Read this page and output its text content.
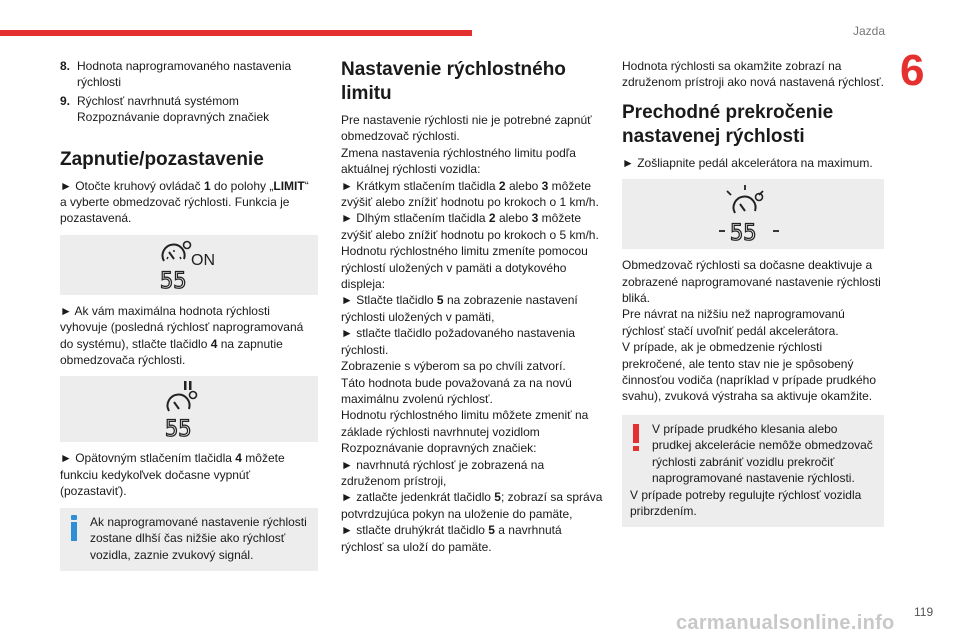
Jazda
6
8. Hodnota naprogramovaného nastavenia rýchlosti
9. Rýchlosť navrhnutá systémom Rozpoznávanie dopravných značiek
Zapnutie/pozastavenie

► Otočte kruhový ovládač 1 do polohy „LIMIT“ a vyberte obmedzovač rýchlosti. Funkcia je pozastavená.

ON
55

► Ak vám maximálna hodnota rýchlosti vyhovuje (posledná rýchlosť naprogramovaná do systému), stlačte tlačidlo 4 na zapnutie obmedzovača rýchlosti.

55

► Opätovným stlačením tlačidla 4 môžete funkciu kedykoľvek dočasne vypnúť (pozastaviť).

Ak naprogramované nastavenie rýchlosti zostane dlhší čas nižšie ako rýchlosť vozidla, zaznie zvukový signál.

Nastavenie rýchlostného limitu

Pre nastavenie rýchlosti nie je potrebné zapnúť obmedzovač rýchlosti.

Zmena nastavenia rýchlostného limitu podľa aktuálnej rýchlosti vozidla:

► Krátkym stlačením tlačidla 2 alebo 3 môžete zvýšiť alebo znížiť hodnotu po krokoch o 1 km/h.

► Dlhým stlačením tlačidla 2 alebo 3 môžete zvýšiť alebo znížiť hodnotu po krokoch o 5 km/h.

Hodnotu rýchlostného limitu zmeníte pomocou rýchlostí uložených v pamäti a dotykového displeja:

► Stlačte tlačidlo 5 na zobrazenie nastavení rýchlosti uložených v pamäti,

► stlačte tlačidlo požadovaného nastavenia rýchlosti.

Zobrazenie s výberom sa po chvíli zatvorí.

Táto hodnota bude považovaná za na novú maximálnu zvolenú rýchlosť.

Hodnotu rýchlostného limitu môžete zmeniť na základe rýchlosti navrhnutej vozidlom Rozpoznávanie dopravných značiek:

► navrhnutá rýchlosť je zobrazená na združenom prístroji,

► zatlačte jedenkrát tlačidlo 5; zobrazí sa správa potvrdzujúca pokyn na uloženie do pamäte,

► stlačte druhýkrát tlačidlo 5 a navrhnutá rýchlosť sa uloží do pamäte.

Hodnota rýchlosti sa okamžite zobrazí na združenom prístroji ako nová nastavená rýchlosť.

Prechodné prekročenie nastavenej rýchlosti

► Zošliapnite pedál akcelerátora na maximum.

55

Obmedzovač rýchlosti sa dočasne deaktivuje a zobrazené naprogramované nastavenie rýchlosti bliká.

Pre návrat na nižšiu než naprogramovanú rýchlosť stačí uvoľniť pedál akcelerátora.

V prípade, ak je obmedzenie rýchlosti prekročené, ale tento stav nie je spôsobený činnosťou vodiča (napríklad v prípade prudkého svahu), zvuková výstraha sa aktivuje okamžite.

V prípade prudkého klesania alebo prudkej akcelerácie nemôže obmedzovač rýchlosti zabrániť vozidlu prekročiť naprogramované nastavenie rýchlosti.

V prípade potreby regulujte rýchlosť vozidla pribrzdením.

carmanualsonline.info 119
